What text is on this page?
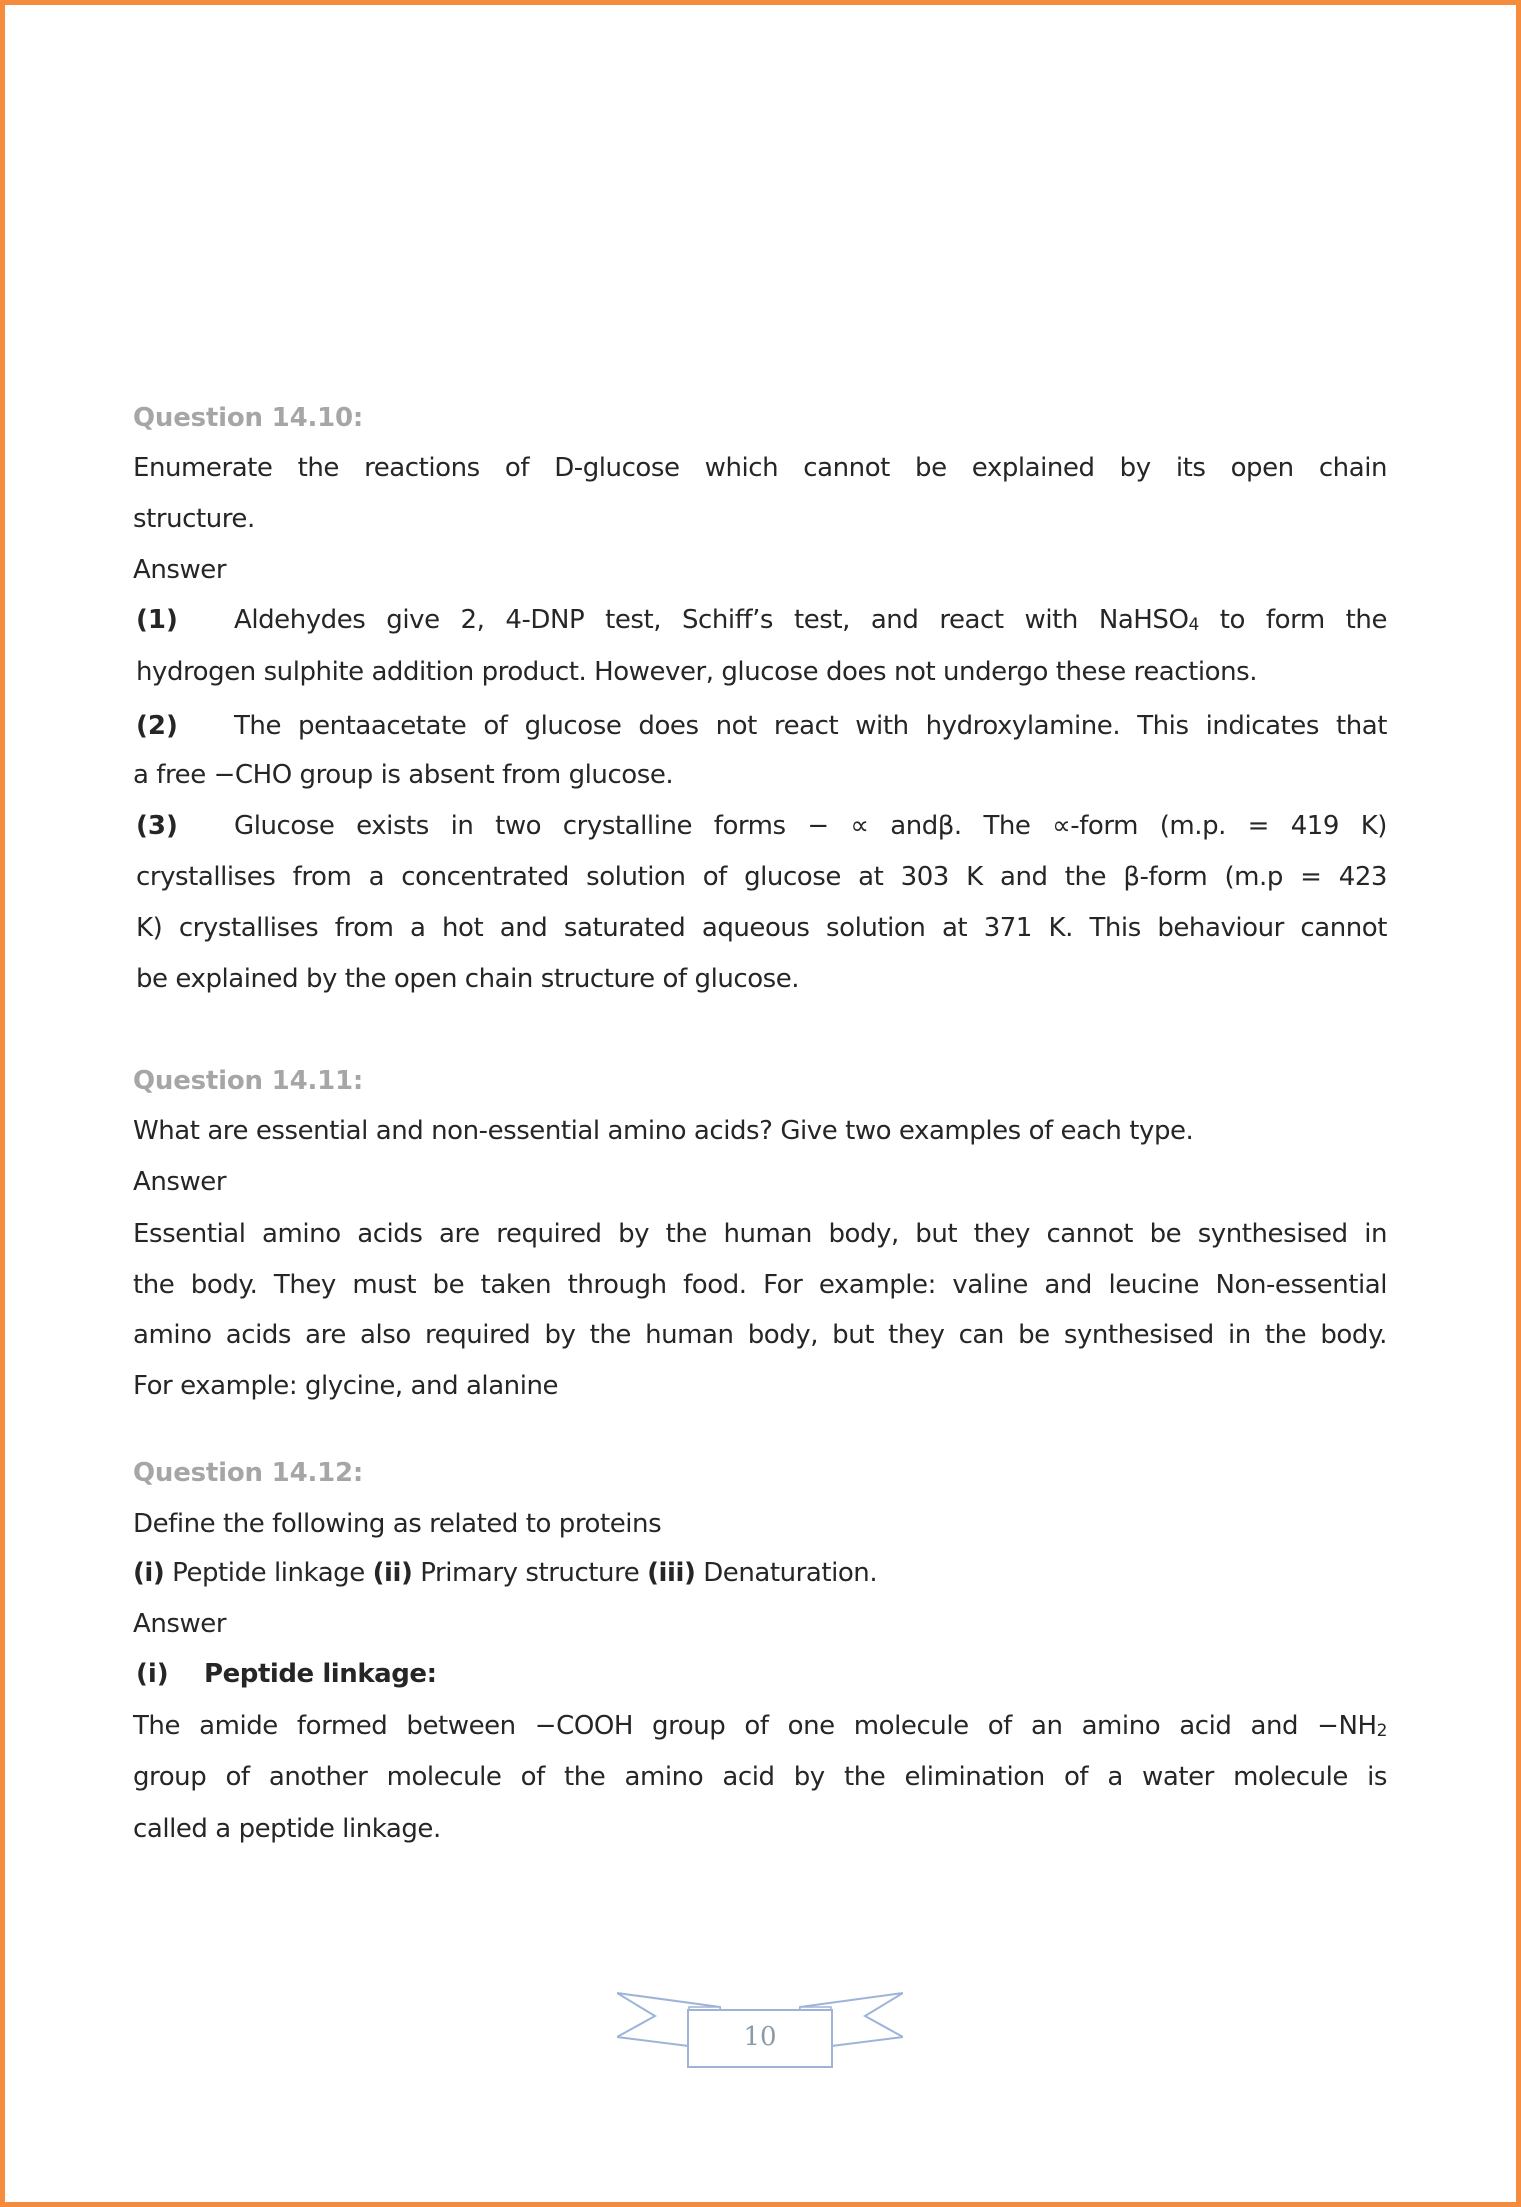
Question 14.10:
Enumerate the reactions of D-glucose which cannot be explained by its open chain
structure.
Answer
(1) Aldehydes give 2, 4-DNP test, Schiff’s test, and react with NaHSO$_4$ to form the
hydrogen sulphite addition product. However, glucose does not undergo these reactions.
(2) The pentaacetate of glucose does not react with hydroxylamine. This indicates that
a free −CHO group is absent from glucose.
(3) Glucose exists in two crystalline forms − ∝ andβ. The ∝-form (m.p. = 419 K)
crystallises from a concentrated solution of glucose at 303 K and the β-form (m.p = 423
K) crystallises from a hot and saturated aqueous solution at 371 K. This behaviour cannot
be explained by the open chain structure of glucose.
Question 14.11:
What are essential and non-essential amino acids? Give two examples of each type.
Answer
Essential amino acids are required by the human body, but they cannot be synthesised in
the body. They must be taken through food. For example: valine and leucine Non-essential
amino acids are also required by the human body, but they can be synthesised in the body.
For example: glycine, and alanine
Question 14.12:
Define the following as related to proteins
(i) Peptide linkage (ii) Primary structure (iii) Denaturation.
Answer
(i) Peptide linkage:
The amide formed between −COOH group of one molecule of an amino acid and $-NH_2$
group of another molecule of the amino acid by the elimination of a water molecule is
called a peptide linkage.
10
